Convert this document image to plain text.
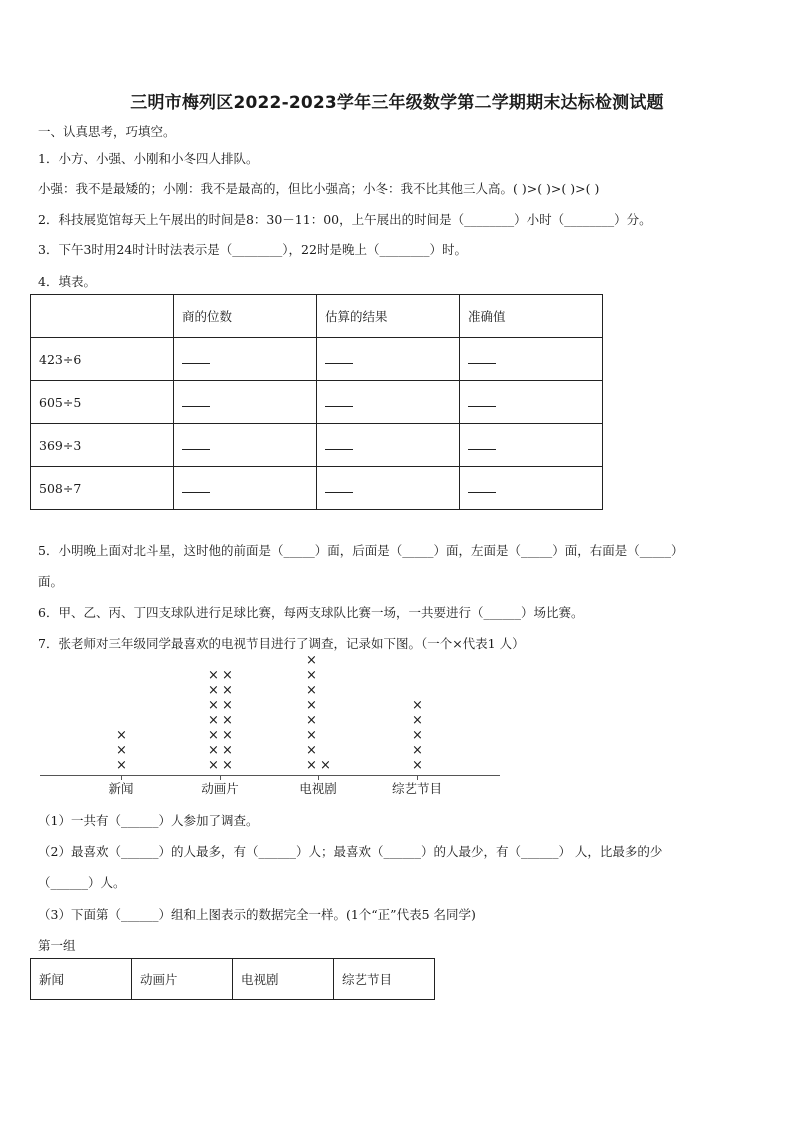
三明市梅列区2022-2023学年三年级数学第二学期期末达标检测试题
一、认真思考，巧填空。
1．小方、小强、小刚和小冬四人排队。
小强：我不是最矮的；小刚：我不是最高的，但比小强高；小冬：我不比其他三人高。( )>( )>( )>( )
2．科技展览馆每天上午展出的时间是8：30－11：00，上午展出的时间是（________）小时（________）分。
3．下午3时用24时计时法表示是（________），22时是晚上（________）时。
4．填表。
	商的位数	估算的结果	准确值
423÷6			
605÷5			
369÷3			
508÷7			
5．小明晚上面对北斗星，这时他的前面是（_____）面，后面是（_____）面，左面是（_____）面，右面是（_____）
面。
6．甲、乙、丙、丁四支球队进行足球比赛，每两支球队比赛一场，一共要进行（______）场比赛。
7．张老师对三年级同学最喜欢的电视节目进行了调查，记录如下图。（一个×代表1 人）
×
×
×
新闻
×
×
×
×
×
×
×
×
×
×
×
×
×
×
动画片
×
×
×
×
×
×
×
×
×
电视剧
×
×
×
×
×
综艺节目
（1）一共有（______）人参加了调查。
（2）最喜欢（______）的人最多，有（______）人；最喜欢（______）的人最少，有（______） 人，比最多的少
（______）人。
（3）下面第（______）组和上图表示的数据完全一样。(1个“正”代表5 名同学)
第一组
新闻	动画片	电视剧	综艺节目
